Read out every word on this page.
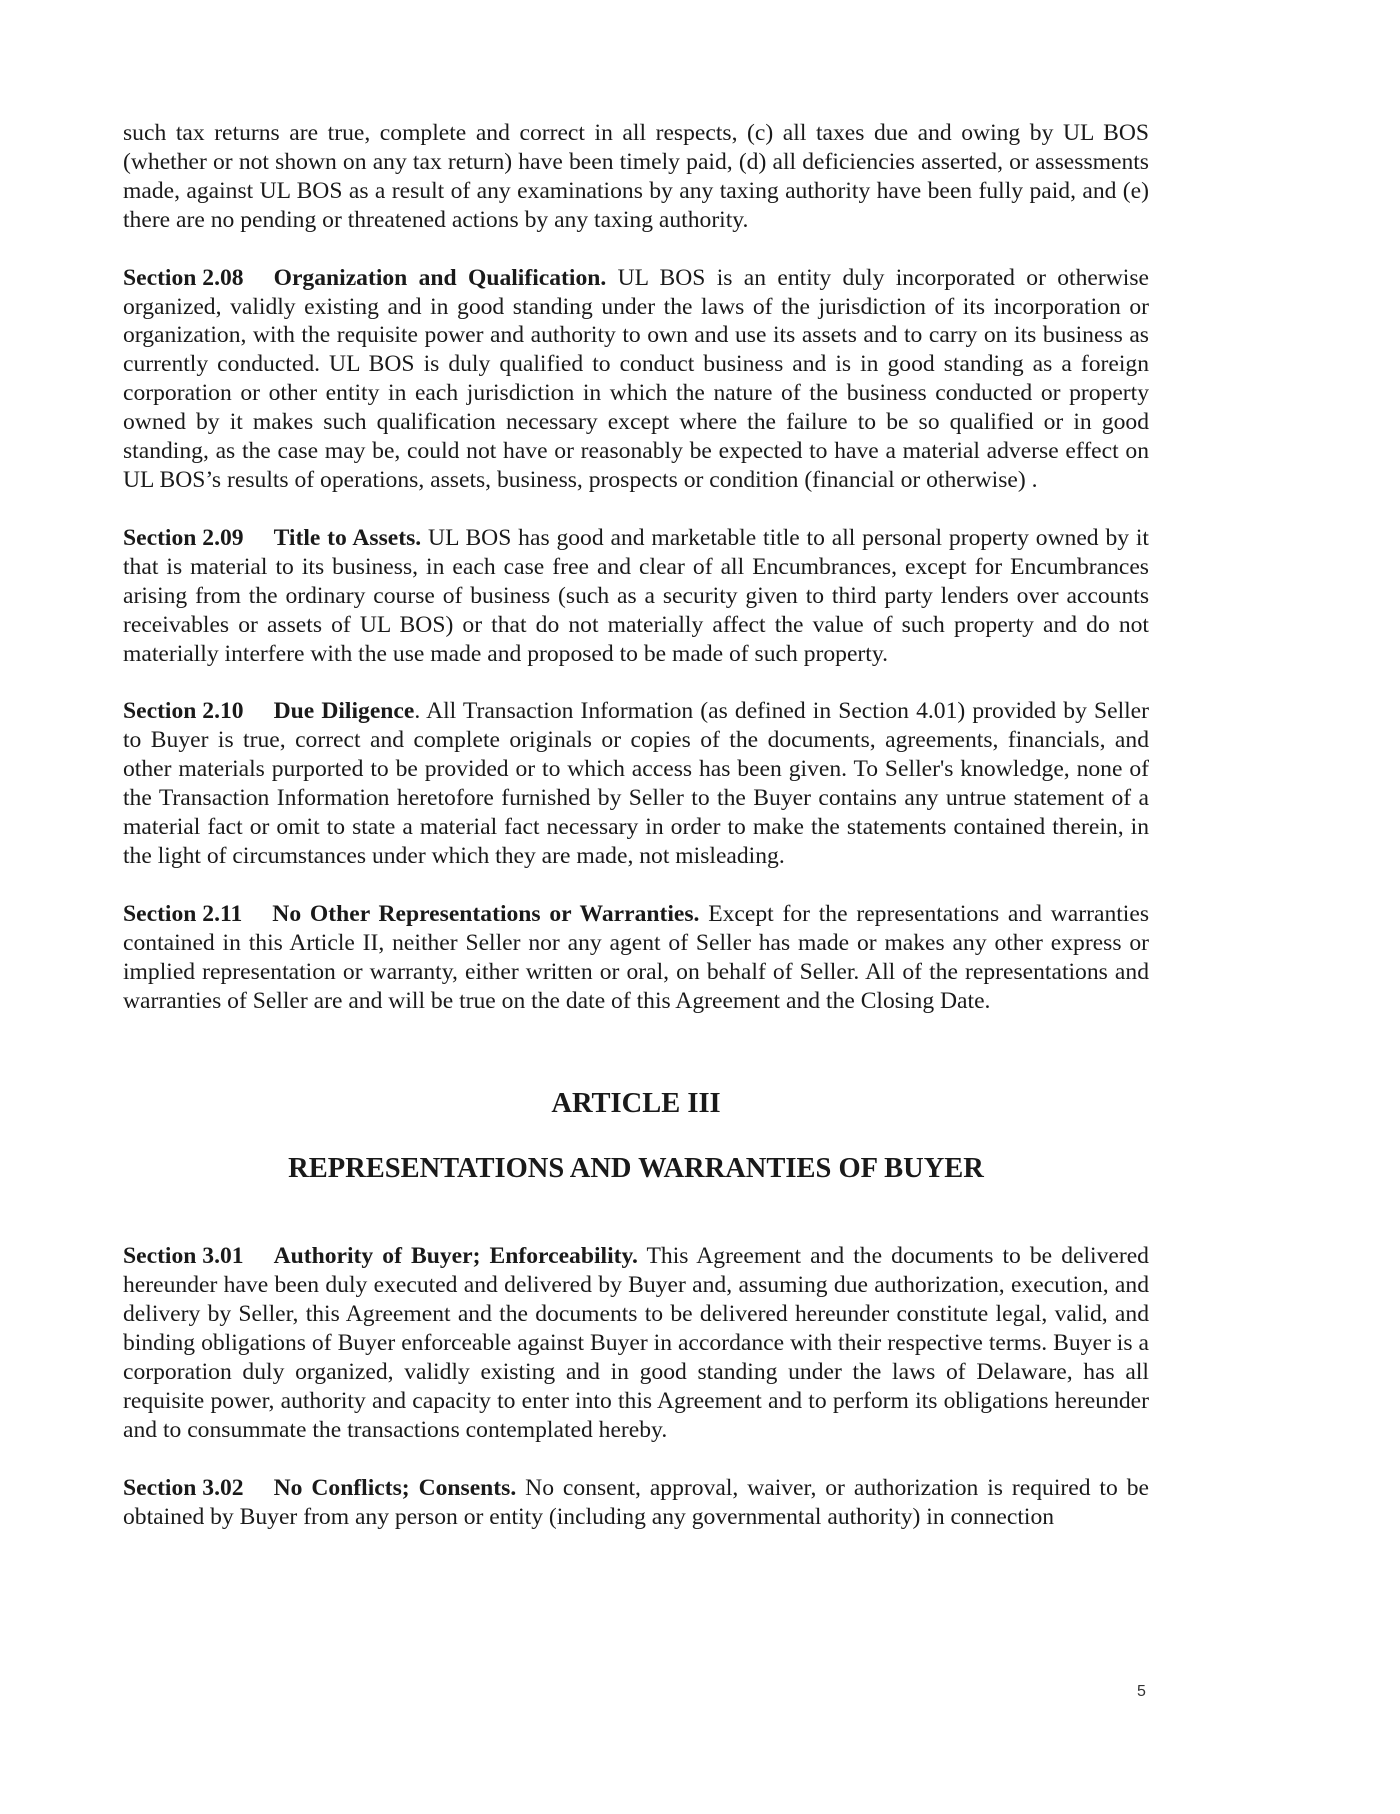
such tax returns are true, complete and correct in all respects, (c) all taxes due and owing by UL BOS (whether or not shown on any tax return) have been timely paid, (d) all deficiencies asserted, or assessments made, against UL BOS as a result of any examinations by any taxing authority have been fully paid, and (e) there are no pending or threatened actions by any taxing authority.

Section 2.08 Organization and Qualification. UL BOS is an entity duly incorporated or otherwise organized, validly existing and in good standing under the laws of the jurisdiction of its incorporation or organization, with the requisite power and authority to own and use its assets and to carry on its business as currently conducted. UL BOS is duly qualified to conduct business and is in good standing as a foreign corporation or other entity in each jurisdiction in which the nature of the business conducted or property owned by it makes such qualification necessary except where the failure to be so qualified or in good standing, as the case may be, could not have or reasonably be expected to have a material adverse effect on UL BOS’s results of operations, assets, business, prospects or condition (financial or otherwise) .

Section 2.09 Title to Assets. UL BOS has good and marketable title to all personal property owned by it that is material to its business, in each case free and clear of all Encumbrances, except for Encumbrances arising from the ordinary course of business (such as a security given to third party lenders over accounts receivables or assets of UL BOS) or that do not materially affect the value of such property and do not materially interfere with the use made and proposed to be made of such property.

Section 2.10 Due Diligence. All Transaction Information (as defined in Section 4.01) provided by Seller to Buyer is true, correct and complete originals or copies of the documents, agreements, financials, and other materials purported to be provided or to which access has been given. To Seller's knowledge, none of the Transaction Information heretofore furnished by Seller to the Buyer contains any untrue statement of a material fact or omit to state a material fact necessary in order to make the statements contained therein, in the light of circumstances under which they are made, not misleading.

Section 2.11 No Other Representations or Warranties. Except for the representations and warranties contained in this Article II, neither Seller nor any agent of Seller has made or makes any other express or implied representation or warranty, either written or oral, on behalf of Seller. All of the representations and warranties of Seller are and will be true on the date of this Agreement and the Closing Date.

ARTICLE III
REPRESENTATIONS AND WARRANTIES OF BUYER

Section 3.01 Authority of Buyer; Enforceability. This Agreement and the documents to be delivered hereunder have been duly executed and delivered by Buyer and, assuming due authorization, execution, and delivery by Seller, this Agreement and the documents to be delivered hereunder constitute legal, valid, and binding obligations of Buyer enforceable against Buyer in accordance with their respective terms. Buyer is a corporation duly organized, validly existing and in good standing under the laws of Delaware, has all requisite power, authority and capacity to enter into this Agreement and to perform its obligations hereunder and to consummate the transactions contemplated hereby.

Section 3.02 No Conflicts; Consents. No consent, approval, waiver, or authorization is required to be obtained by Buyer from any person or entity (including any governmental authority) in connection

5
